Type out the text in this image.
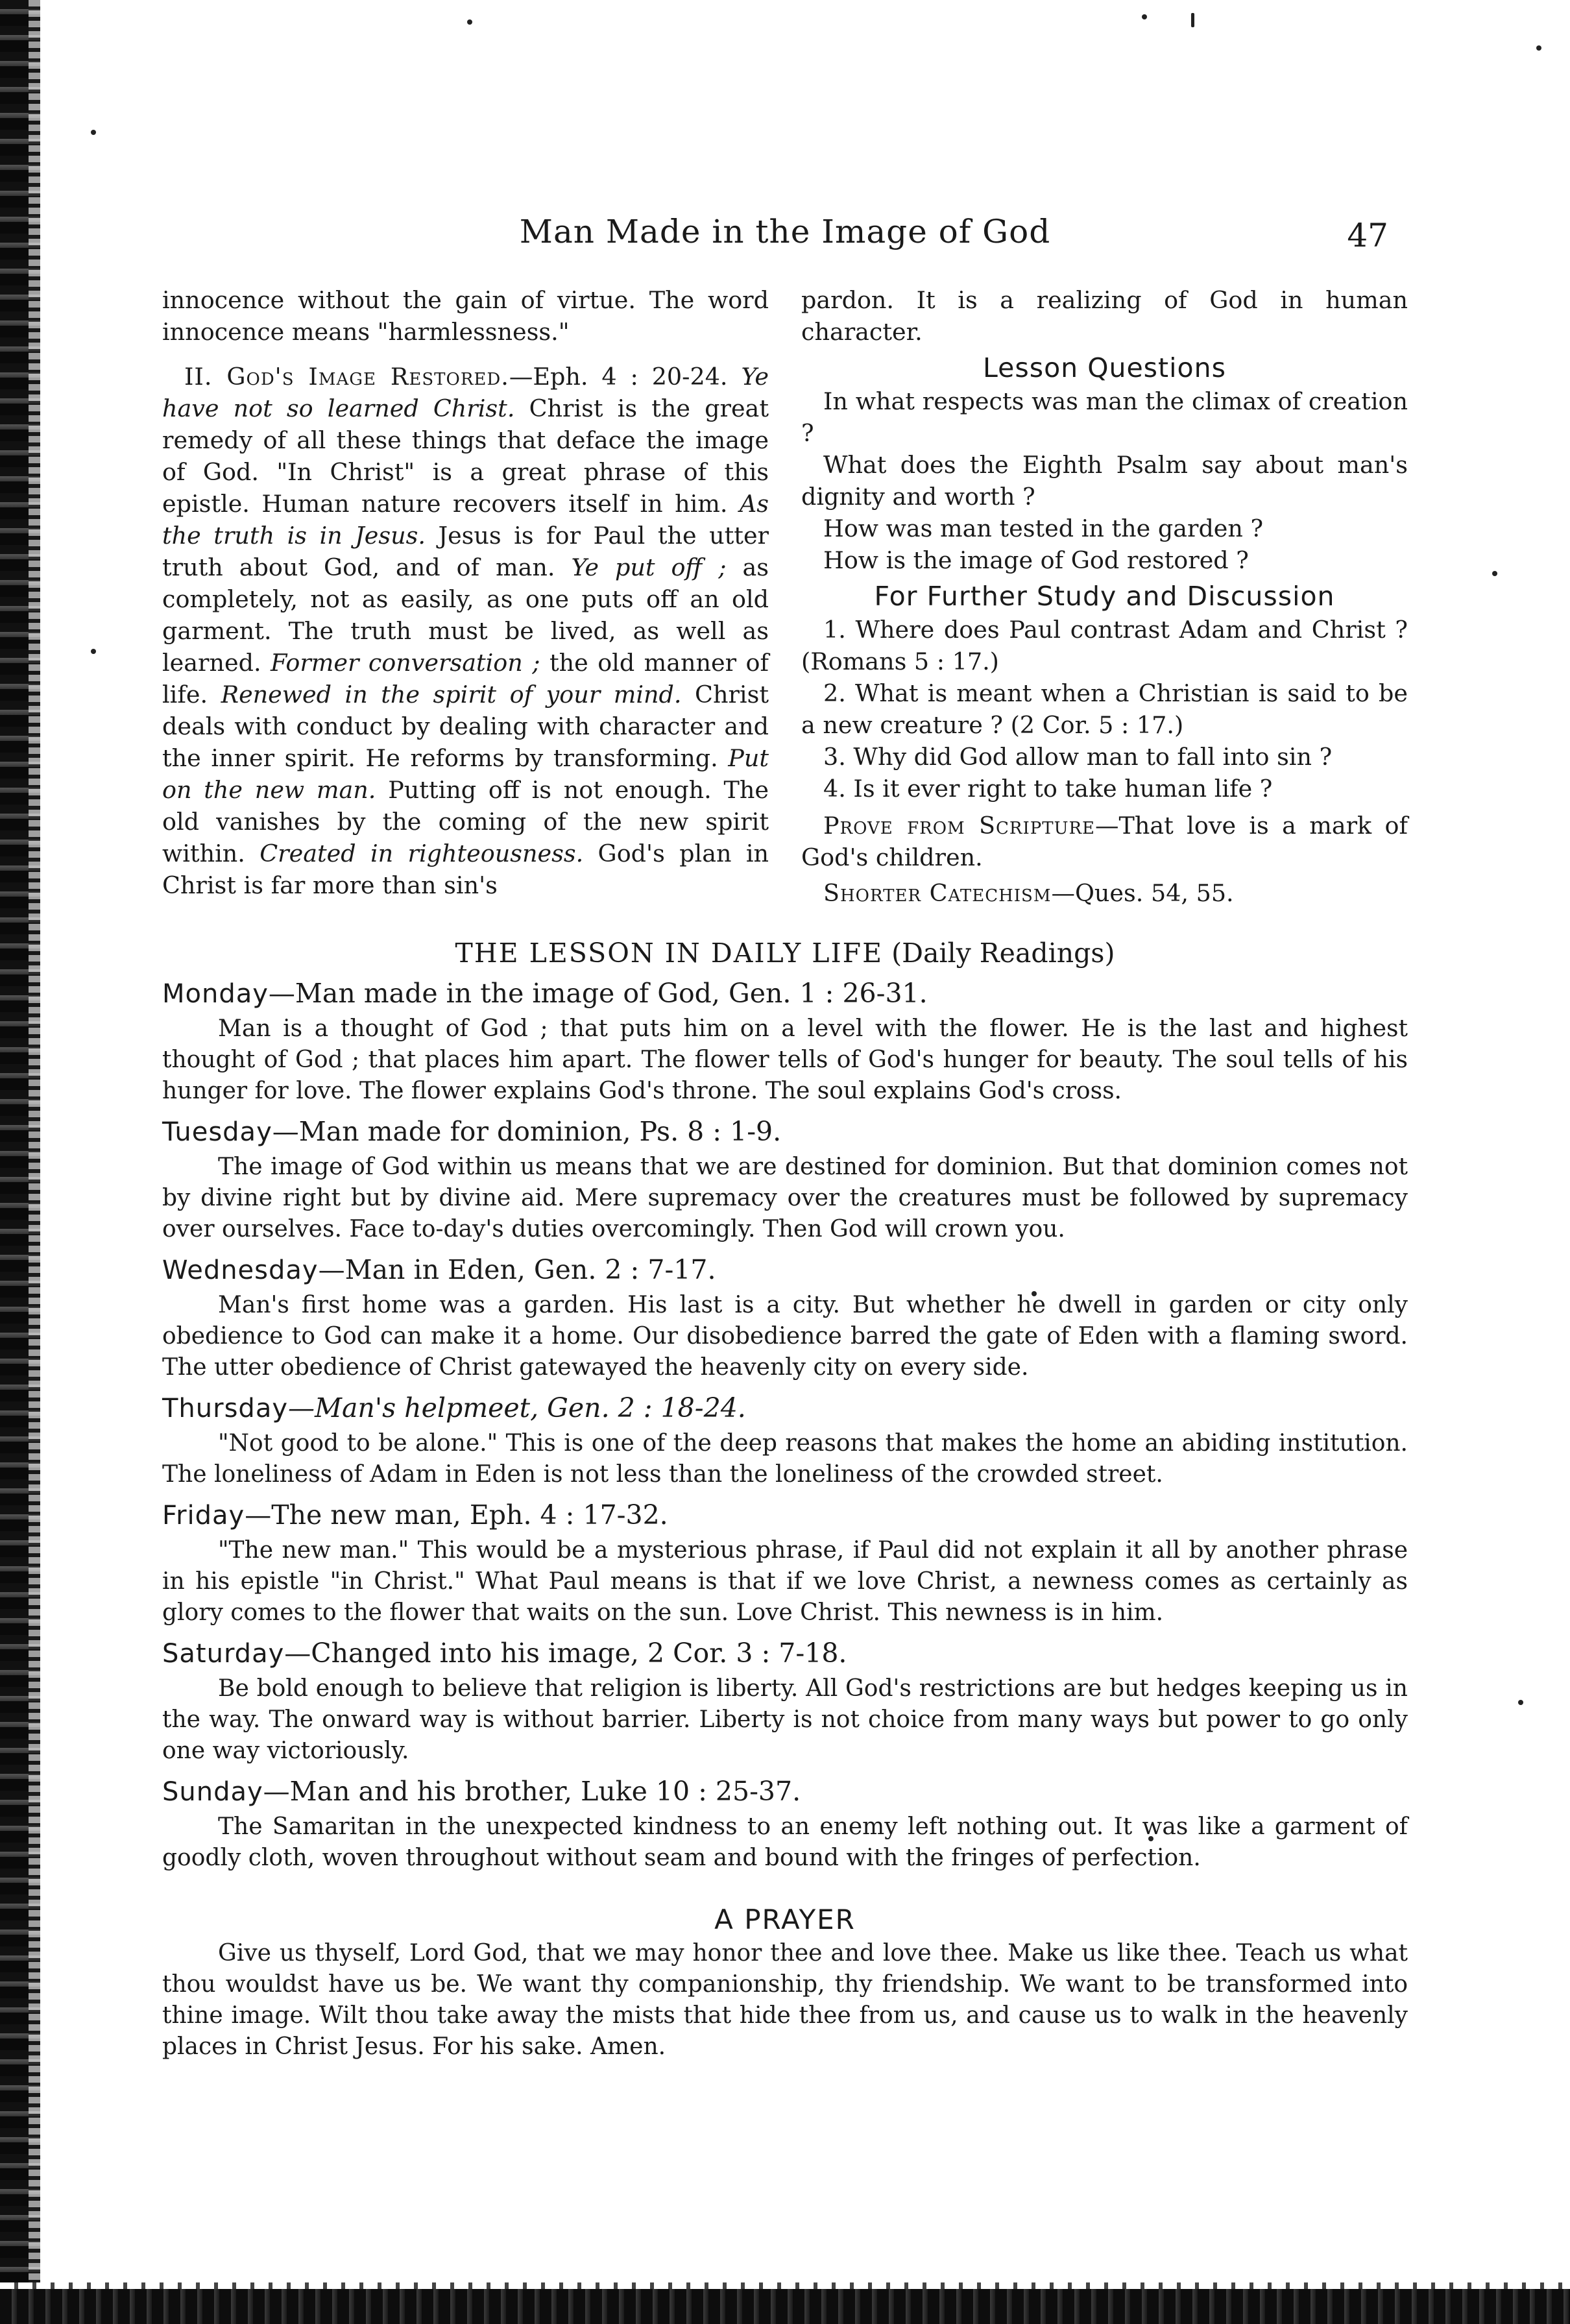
Man Made in the Image of God	47

innocence without the gain of virtue. The word innocence means "harmlessness."

II. God's Image Restored.—Eph. 4 : 20-24. Ye have not so learned Christ. Christ is the great remedy of all these things that deface the image of God. "In Christ" is a great phrase of this epistle. Human nature recovers itself in him. As the truth is in Jesus. Jesus is for Paul the utter truth about God, and of man. Ye put off ; as completely, not as easily, as one puts off an old garment. The truth must be lived, as well as learned. Former conversation ; the old manner of life. Renewed in the spirit of your mind. Christ deals with conduct by dealing with character and the inner spirit. He reforms by transforming. Put on the new man. Putting off is not enough. The old vanishes by the coming of the new spirit within. Created in righteousness. God's plan in Christ is far more than sin's

pardon. It is a realizing of God in human character.

Lesson Questions
In what respects was man the climax of creation ?
What does the Eighth Psalm say about man's dignity and worth ?
How was man tested in the garden ?
How is the image of God restored ?
For Further Study and Discussion
1. Where does Paul contrast Adam and Christ ? (Romans 5 : 17.)
2. What is meant when a Christian is said to be a new creature ? (2 Cor. 5 : 17.)
3. Why did God allow man to fall into sin ?
4. Is it ever right to take human life ?

Prove from Scripture—That love is a mark of God's children.

Shorter Catechism—Ques. 54, 55.

THE LESSON IN DAILY LIFE (Daily Readings)
Monday—Man made in the image of God, Gen. 1 : 26-31.
Man is a thought of God ; that puts him on a level with the flower. He is the last and highest thought of God ; that places him apart. The flower tells of God's hunger for beauty. The soul tells of his hunger for love. The flower explains God's throne. The soul explains God's cross.
Tuesday—Man made for dominion, Ps. 8 : 1-9.
The image of God within us means that we are destined for dominion. But that dominion comes not by divine right but by divine aid. Mere supremacy over the creatures must be followed by supremacy over ourselves. Face to-day's duties overcomingly. Then God will crown you.
Wednesday—Man in Eden, Gen. 2 : 7-17.
Man's first home was a garden. His last is a city. But whether he dwell in garden or city only obedience to God can make it a home. Our disobedience barred the gate of Eden with a flaming sword. The utter obedience of Christ gatewayed the heavenly city on every side.
Thursday—Man's helpmeet, Gen. 2 : 18-24.
"Not good to be alone." This is one of the deep reasons that makes the home an abiding institution. The loneliness of Adam in Eden is not less than the loneliness of the crowded street.
Friday—The new man, Eph. 4 : 17-32.
"The new man." This would be a mysterious phrase, if Paul did not explain it all by another phrase in his epistle "in Christ." What Paul means is that if we love Christ, a newness comes as certainly as glory comes to the flower that waits on the sun. Love Christ. This newness is in him.
Saturday—Changed into his image, 2 Cor. 3 : 7-18.
Be bold enough to believe that religion is liberty. All God's restrictions are but hedges keeping us in the way. The onward way is without barrier. Liberty is not choice from many ways but power to go only one way victoriously.
Sunday—Man and his brother, Luke 10 : 25-37.
The Samaritan in the unexpected kindness to an enemy left nothing out. It was like a garment of goodly cloth, woven throughout without seam and bound with the fringes of perfection.
A PRAYER
Give us thyself, Lord God, that we may honor thee and love thee. Make us like thee. Teach us what thou wouldst have us be. We want thy companionship, thy friendship. We want to be transformed into thine image. Wilt thou take away the mists that hide thee from us, and cause us to walk in the heavenly places in Christ Jesus. For his sake. Amen.
